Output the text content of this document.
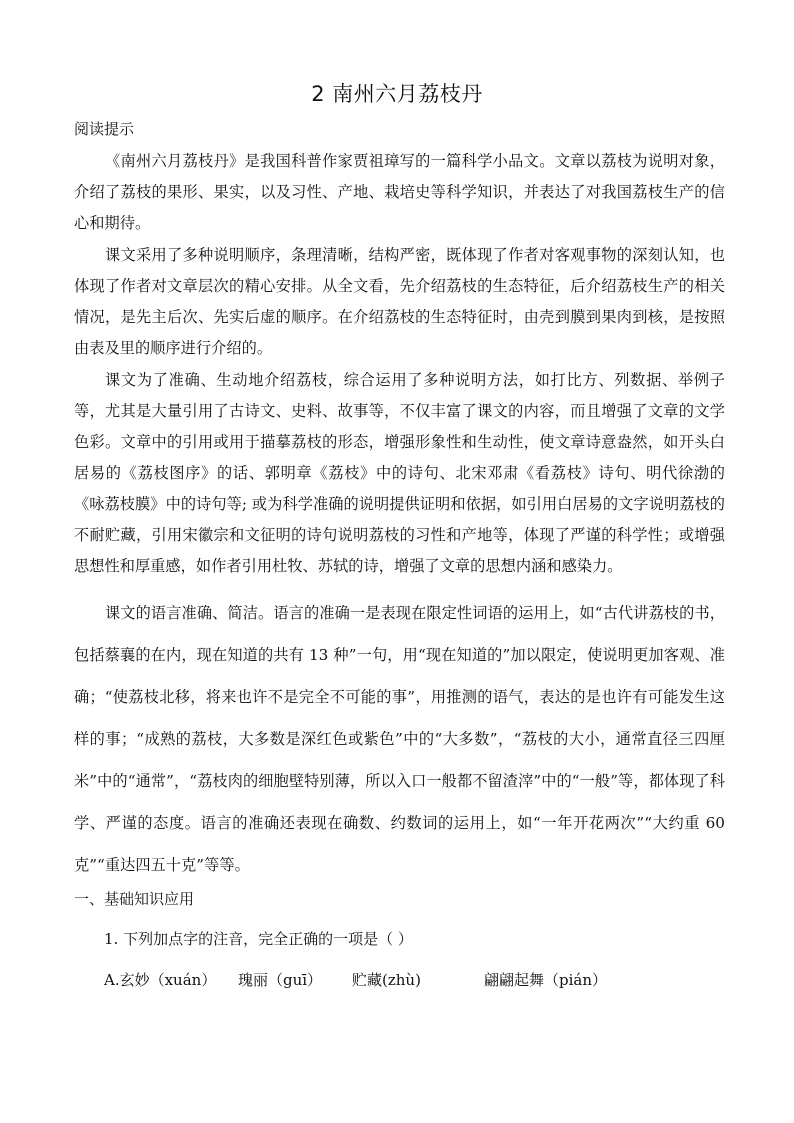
2 南州六月荔枝丹
阅读提示
《南州六月荔枝丹》是我国科普作家贾祖璋写的一篇科学小品文。文章以荔枝为说明对象，介绍了荔枝的果形、果实，以及习性、产地、栽培史等科学知识，并表达了对我国荔枝生产的信心和期待。
课文采用了多种说明顺序，条理清晰，结构严密，既体现了作者对客观事物的深刻认知，也体现了作者对文章层次的精心安排。从全文看，先介绍荔枝的生态特征，后介绍荔枝生产的相关情况，是先主后次、先实后虚的顺序。在介绍荔枝的生态特征时，由壳到膜到果肉到核，是按照由表及里的顺序进行介绍的。
课文为了准确、生动地介绍荔枝，综合运用了多种说明方法，如打比方、列数据、举例子等，尤其是大量引用了古诗文、史料、故事等，不仅丰富了课文的内容，而且增强了文章的文学色彩。文章中的引用或用于描摹荔枝的形态，增强形象性和生动性，使文章诗意盎然，如开头白居易的《荔枝图序》的话、郭明章《荔枝》中的诗句、北宋邓肃《看荔枝》诗句、明代徐渤的《咏荔枝膜》中的诗句等; 或为科学准确的说明提供证明和依据，如引用白居易的文字说明荔枝的不耐贮藏，引用宋徽宗和文征明的诗句说明荔枝的习性和产地等，体现了严谨的科学性；或增强思想性和厚重感，如作者引用杜牧、苏轼的诗，增强了文章的思想内涵和感染力。
课文的语言准确、简洁。语言的准确一是表现在限定性词语的运用上，如“古代讲荔枝的书，包括蔡襄的在内，现在知道的共有 13 种”一句，用“现在知道的”加以限定，使说明更加客观、准确；“使荔枝北移，将来也许不是完全不可能的事”，用推测的语气，表达的是也许有可能发生这样的事；“成熟的荔枝，大多数是深红色或紫色”中的“大多数”，“荔枝的大小，通常直径三四厘米”中的“通常”，“荔枝肉的细胞壁特别薄，所以入口一般都不留渣滓”中的“一般”等，都体现了科学、严谨的态度。语言的准确还表现在确数、约数词的运用上，如“一年开花两次”“大约重 60 克”“重达四五十克”等等。
一、基础知识应用
1. 下列加点字的注音，完全正确的一项是（ ）
A.玄妙（xuán）	瑰丽（guī）	贮藏(zhù)	翩翩起舞（pián）
